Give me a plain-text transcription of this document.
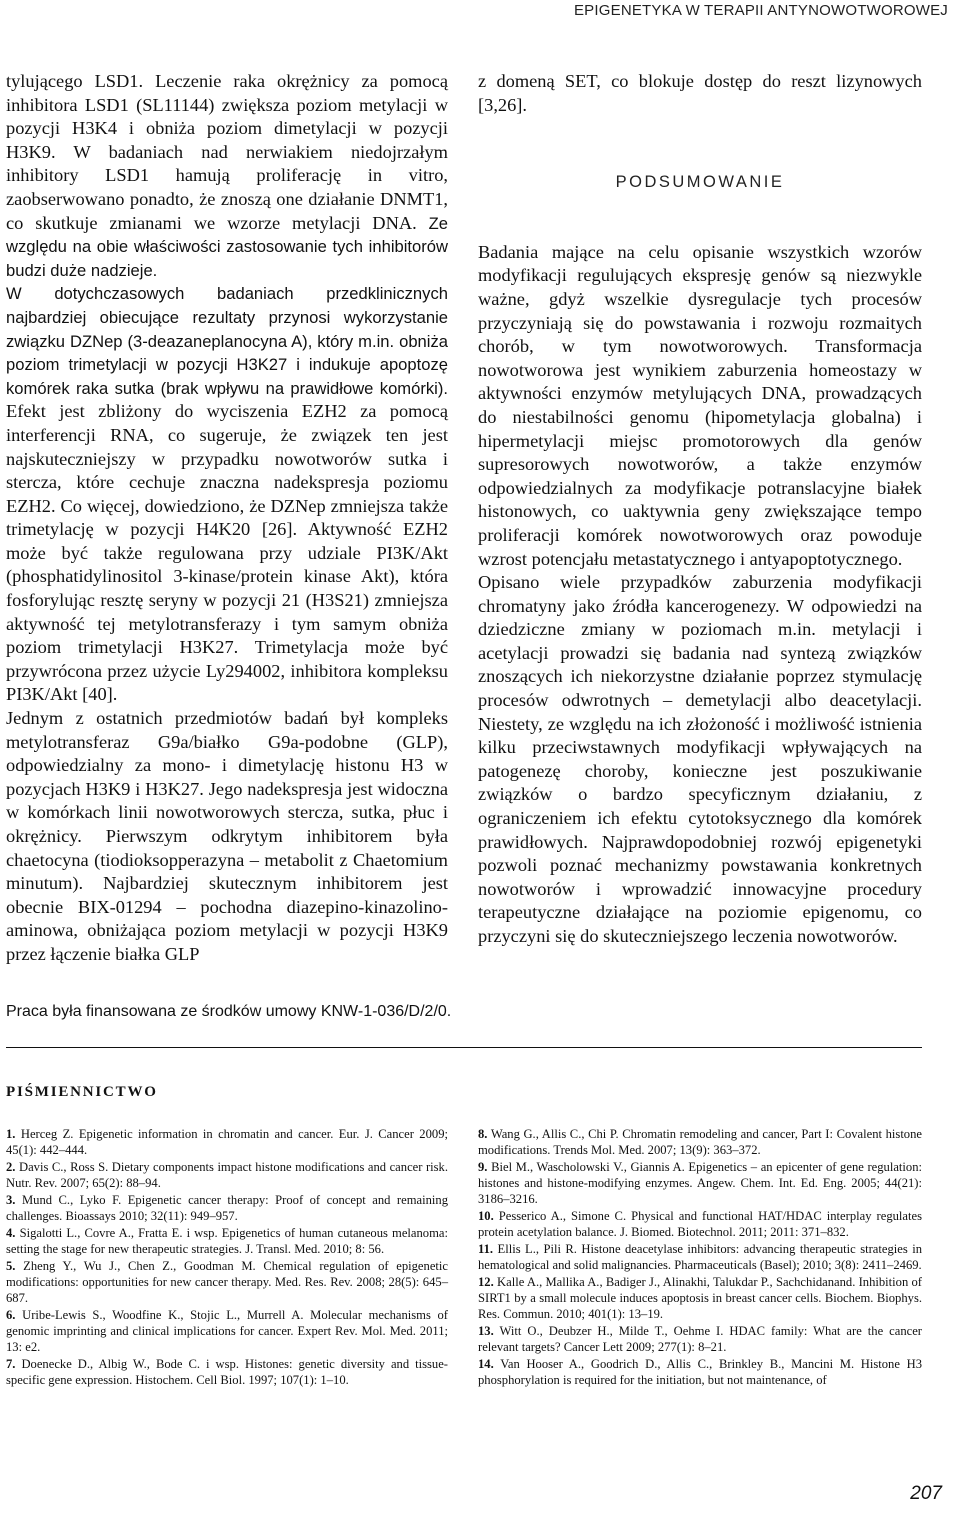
EPIGENETYKA W TERAPII ANTYNOWOTWOROWEJ

tylującego LSD1. Leczenie raka okrężnicy za pomocą inhibitora LSD1 (SL11144) zwiększa poziom metylacji w pozycji H3K4 i obniża poziom dimetylacji w pozycji H3K9. W badaniach nad nerwiakiem niedojrzałym inhibitory LSD1 hamują proliferację in vitro, zaobserwowano ponadto, że znoszą one działanie DNMT1, co skutkuje zmianami we wzorze metylacji DNA. Ze względu na obie właściwości zastosowanie tych inhibitorów budzi duże nadzieje.

W dotychczasowych badaniach przedklinicznych najbardziej obiecujące rezultaty przynosi wykorzystanie związku DZNep (3-deazaneplanocyna A), który m.in. obniża poziom trimetylacji w pozycji H3K27 i indukuje apoptozę komórek raka sutka (brak wpływu na prawidłowe komórki). Efekt jest zbliżony do wyciszenia EZH2 za pomocą interferencji RNA, co sugeruje, że związek ten jest najskuteczniejszy w przypadku nowotworów sutka i stercza, które cechuje znaczna nadekspresja poziomu EZH2. Co więcej, dowiedziono, że DZNep zmniejsza także trimetylację w pozycji H4K20 [26]. Aktywność EZH2 może być także regulowana przy udziale PI3K/Akt (phosphatidylinositol 3-kinase/protein kinase Akt), która fosforylując resztę seryny w pozycji 21 (H3S21) zmniejsza aktywność tej metylotransferazy i tym samym obniża poziom trimetylacji H3K27. Trimetylacja może być przywrócona przez użycie Ly294002, inhibitora kompleksu PI3K/Akt [40].

Jednym z ostatnich przedmiotów badań był kompleks metylotransferaz G9a/białko G9a-podobne (GLP), odpowiedzialny za mono- i dimetylację histonu H3 w pozycjach H3K9 i H3K27. Jego nadekspresja jest widoczna w komórkach linii nowotworowych stercza, sutka, płuc i okrężnicy. Pierwszym odkrytym inhibitorem była chaetocyna (tiodioksopperazyna – metabolit z Chaetomium minutum). Najbardziej skutecznym inhibitorem jest obecnie BIX-01294 – pochodna diazepino-kinazolino-aminowa, obniżająca poziom metylacji w pozycji H3K9 przez łączenie białka GLP

z domeną SET, co blokuje dostęp do reszt lizynowych [3,26].

PODSUMOWANIE

Badania mające na celu opisanie wszystkich wzorów modyfikacji regulujących ekspresję genów są niezwykle ważne, gdyż wszelkie dysregulacje tych procesów przyczyniają się do powstawania i rozwoju rozmaitych chorób, w tym nowotworowych. Transformacja nowotworowa jest wynikiem zaburzenia homeostazy w aktywności enzymów metylujących DNA, prowadzących do niestabilności genomu (hipometylacja globalna) i hipermetylacji miejsc promotorowych dla genów supresorowych nowotworów, a także enzymów odpowiedzialnych za modyfikacje potranslacyjne białek histonowych, co uaktywnia geny zwiększające tempo proliferacji komórek nowotworowych oraz powoduje wzrost potencjału metastatycznego i antyapoptotycznego.

Opisano wiele przypadków zaburzenia modyfikacji chromatyny jako źródła kancerogenezy. W odpowiedzi na dziedziczne zmiany w poziomach m.in. metylacji i acetylacji prowadzi się badania nad syntezą związków znoszących ich niekorzystne działanie poprzez stymulację procesów odwrotnych – demetylacji albo deacetylacji. Niestety, ze względu na ich złożoność i możliwość istnienia kilku przeciwstawnych modyfikacji wpływających na patogenezę choroby, konieczne jest poszukiwanie związków o bardzo specyficznym działaniu, z ograniczeniem ich efektu cytotoksycznego dla komórek prawidłowych. Najprawdopodobniej rozwój epigenetyki pozwoli poznać mechanizmy powstawania konkretnych nowotworów i wprowadzić innowacyjne procedury terapeutyczne działające na poziomie epigenomu, co przyczyni się do skuteczniejszego leczenia nowotworów.

Praca była finansowana ze środków umowy KNW-1-036/D/2/0.
PIŚMIENNICTWO

1. Herceg Z. Epigenetic information in chromatin and cancer. Eur. J. Cancer 2009; 45(1): 442–444.

2. Davis C., Ross S. Dietary components impact histone modifications and cancer risk. Nutr. Rev. 2007; 65(2): 88–94.

3. Mund C., Lyko F. Epigenetic cancer therapy: Proof of concept and remaining challenges. Bioassays 2010; 32(11): 949–957.

4. Sigalotti L., Covre A., Fratta E. i wsp. Epigenetics of human cutaneous melanoma: setting the stage for new therapeutic strategies. J. Transl. Med. 2010; 8: 56.

5. Zheng Y., Wu J., Chen Z., Goodman M. Chemical regulation of epigenetic modifications: opportunities for new cancer therapy. Med. Res. Rev. 2008; 28(5): 645–687.

6. Uribe-Lewis S., Woodfine K., Stojic L., Murrell A. Molecular mechanisms of genomic imprinting and clinical implications for cancer. Expert Rev. Mol. Med. 2011; 13: e2.

7. Doenecke D., Albig W., Bode C. i wsp. Histones: genetic diversity and tissue-specific gene expression. Histochem. Cell Biol. 1997; 107(1): 1–10.

8. Wang G., Allis C., Chi P. Chromatin remodeling and cancer, Part I: Covalent histone modifications. Trends Mol. Med. 2007; 13(9): 363–372.

9. Biel M., Wascholowski V., Giannis A. Epigenetics – an epicenter of gene regulation: histones and histone-modifying enzymes. Angew. Chem. Int. Ed. Eng. 2005; 44(21): 3186–3216.

10. Pesserico A., Simone C. Physical and functional HAT/HDAC interplay regulates protein acetylation balance. J. Biomed. Biotechnol. 2011; 2011: 371–832.

11. Ellis L., Pili R. Histone deacetylase inhibitors: advancing therapeutic strategies in hematological and solid malignancies. Pharmaceuticals (Basel); 2010; 3(8): 2411–2469.

12. Kalle A., Mallika A., Badiger J., Alinakhi, Talukdar P., Sachchidanand. Inhibition of SIRT1 by a small molecule induces apoptosis in breast cancer cells. Biochem. Biophys. Res. Commun. 2010; 401(1): 13–19.

13. Witt O., Deubzer H., Milde T., Oehme I. HDAC family: What are the cancer relevant targets? Cancer Lett 2009; 277(1): 8–21.

14. Van Hooser A., Goodrich D., Allis C., Brinkley B., Mancini M. Histone H3 phosphorylation is required for the initiation, but not maintenance, of

207
